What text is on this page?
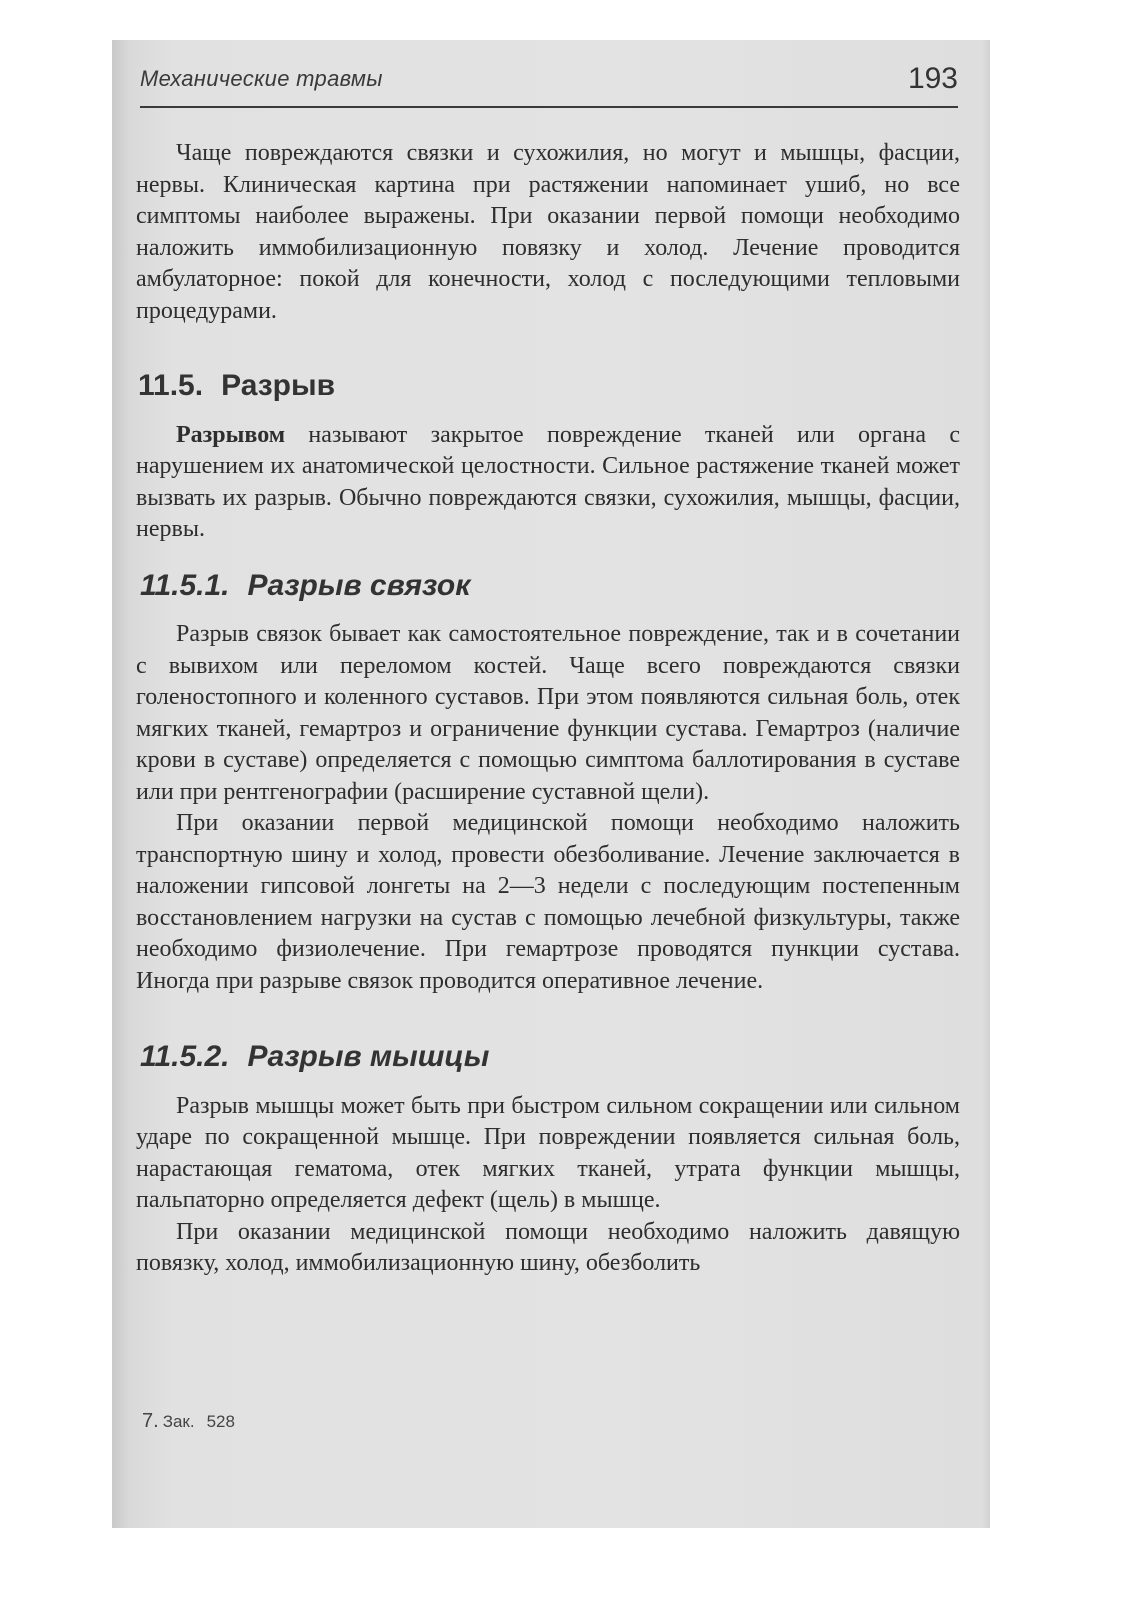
Механические травмы	193

Чаще повреждаются связки и сухожилия, но могут и мышцы, фасции, нервы. Клиническая картина при растяжении напоминает ушиб, но все симптомы наиболее выражены. При оказании первой помощи необходимо наложить иммобилизационную повязку и холод. Лечение проводится амбулаторное: покой для конечности, холод с последующими тепловыми процедурами.

11.5. Разрыв

Разрывом называют закрытое повреждение тканей или органа с нарушением их анатомической целостности. Сильное растяжение тканей может вызвать их разрыв. Обычно повреждаются связки, сухожилия, мышцы, фасции, нервы.

11.5.1. Разрыв связок

Разрыв связок бывает как самостоятельное повреждение, так и в сочетании с вывихом или переломом костей. Чаще всего повреждаются связки голеностопного и коленного суставов. При этом появляются сильная боль, отек мягких тканей, гемартроз и ограничение функции сустава. Гемартроз (наличие крови в суставе) определяется с помощью симптома баллотирования в суставе или при рентгенографии (расширение суставной щели).

При оказании первой медицинской помощи необходимо наложить транспортную шину и холод, провести обезболивание. Лечение заключается в наложении гипсовой лонгеты на 2—3 недели с последующим постепенным восстановлением нагрузки на сустав с помощью лечебной физкультуры, также необходимо физиолечение. При гемартрозе проводятся пункции сустава. Иногда при разрыве связок проводится оперативное лечение.

11.5.2. Разрыв мышцы

Разрыв мышцы может быть при быстром сильном сокращении или сильном ударе по сокращенной мышце. При повреждении появляется сильная боль, нарастающая гематома, отек мягких тканей, утрата функции мышцы, пальпаторно определяется дефект (щель) в мышце.

При оказании медицинской помощи необходимо наложить давящую повязку, холод, иммобилизационную шину, обезболить

7. Зак. 528
